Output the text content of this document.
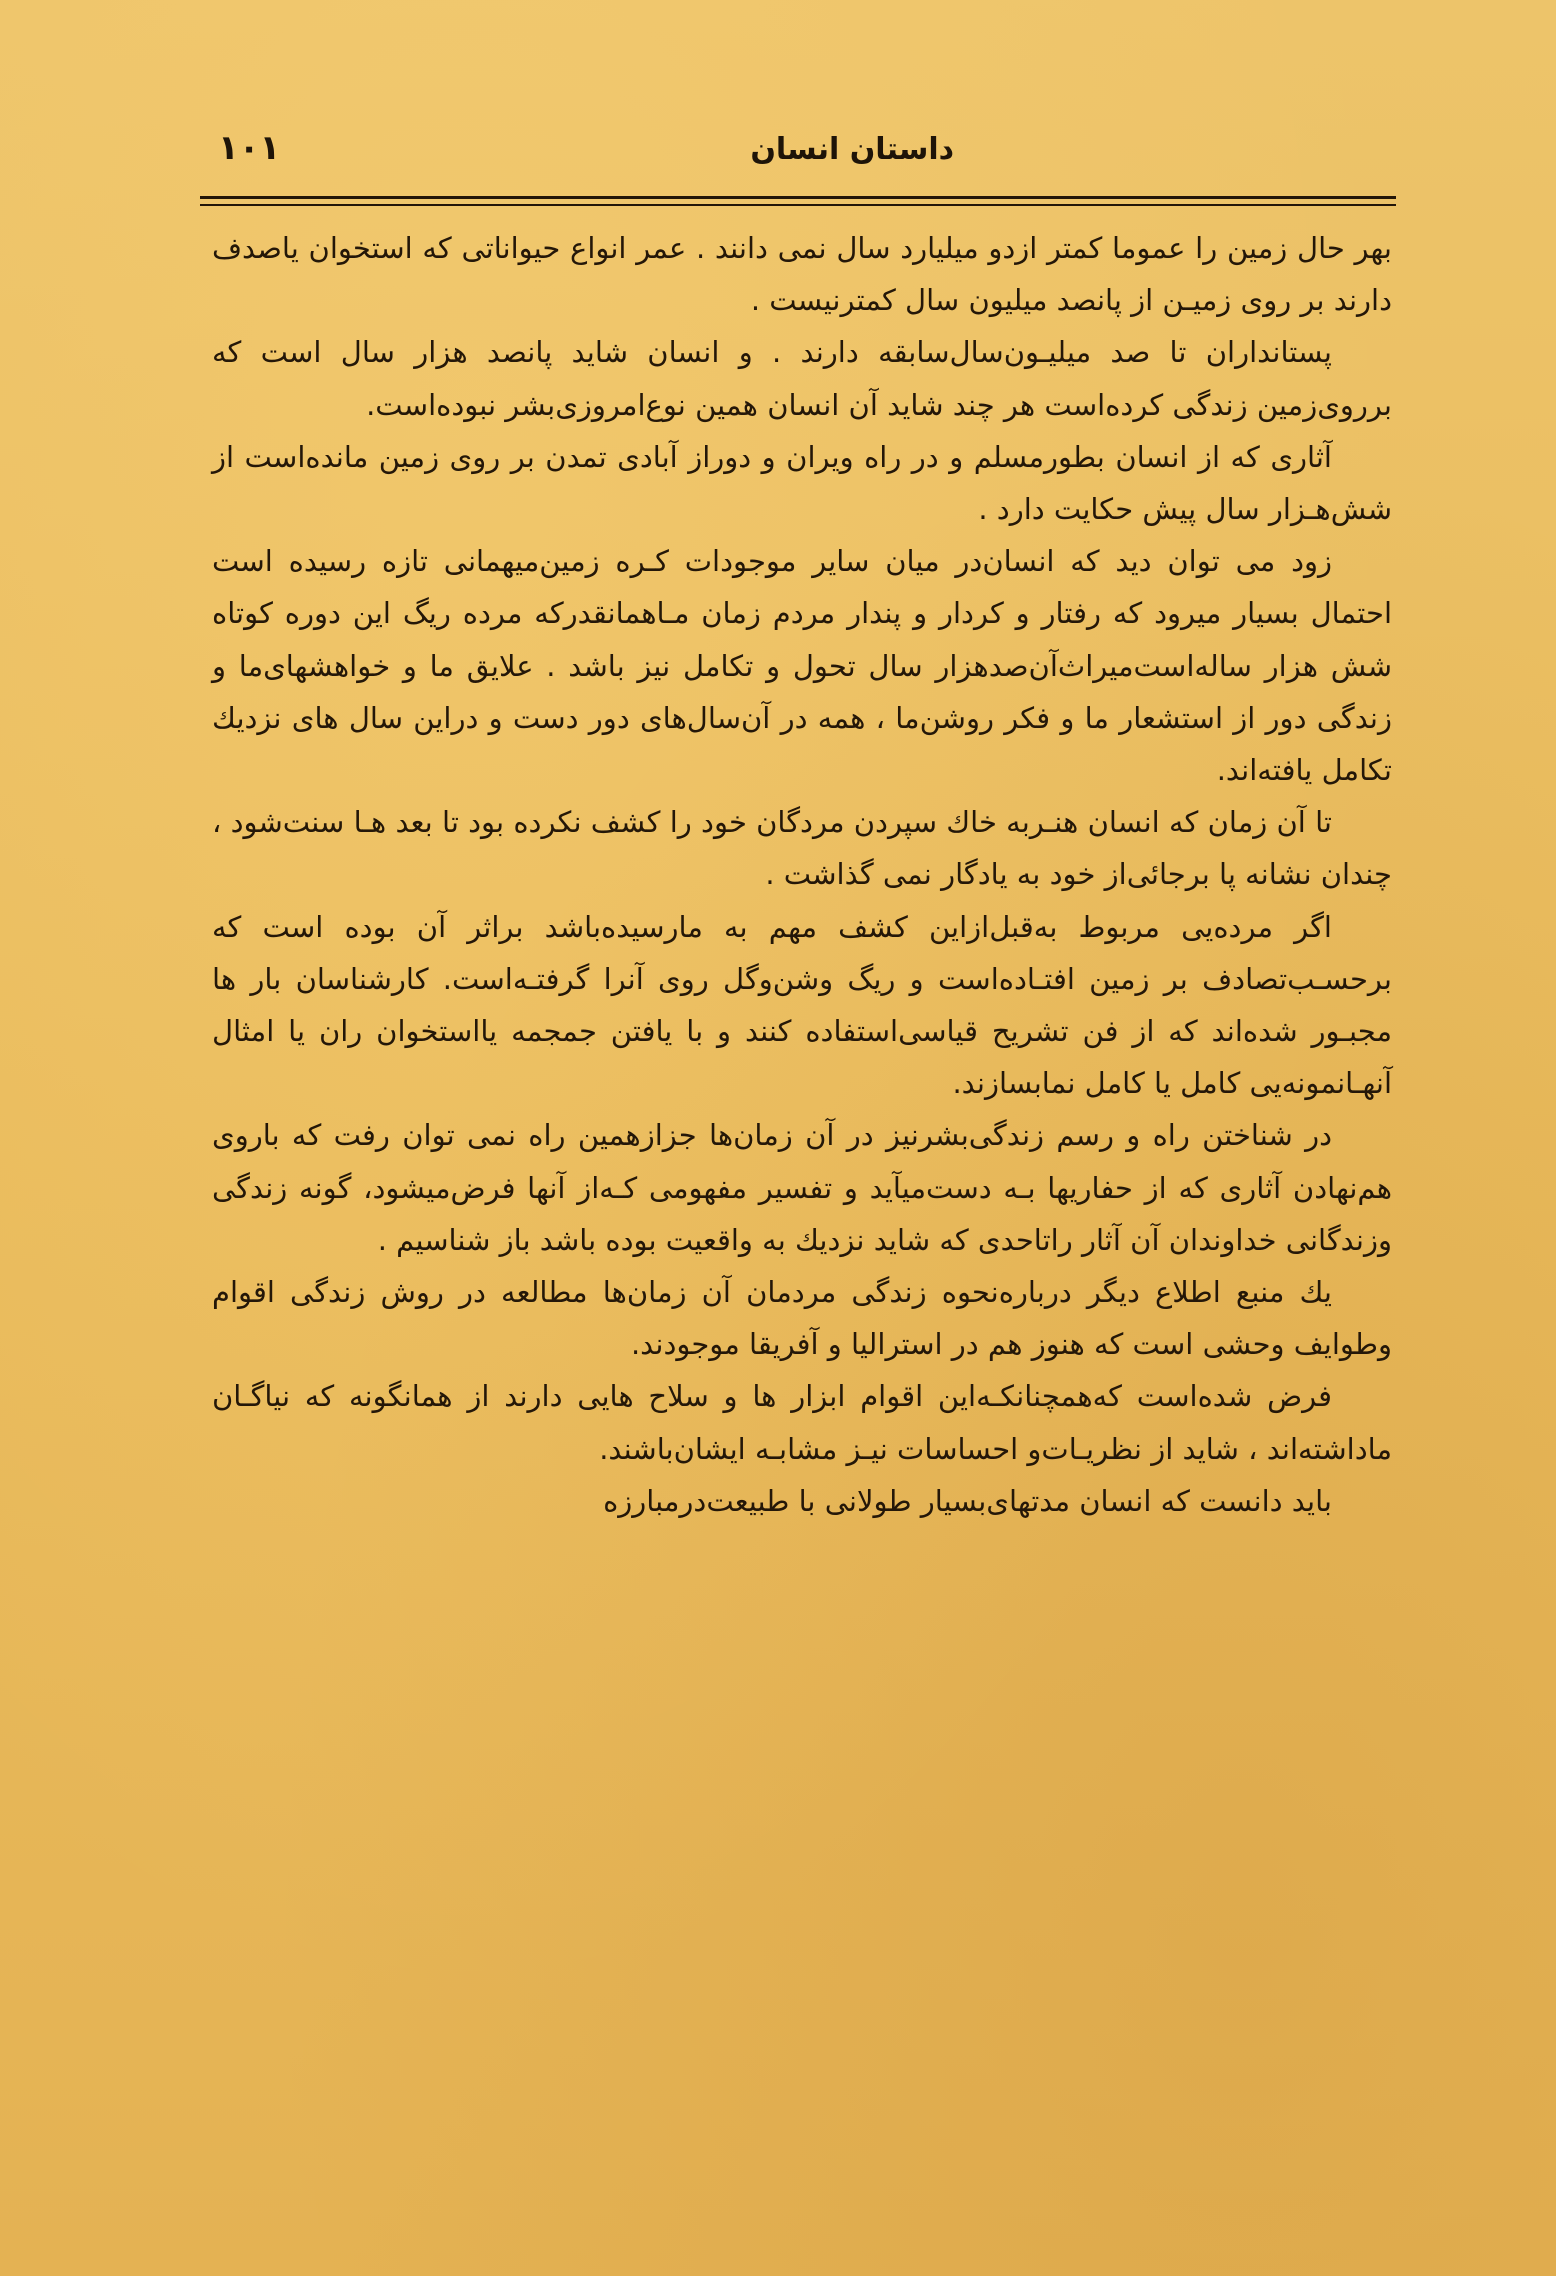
داستان انسان
۱۰۱

بهر حال زمین را عموما کمتر ازدو میلیارد سال نمی دانند . عمر انواع حیواناتی که استخوان یاصدف دارند بر روی زمیـن از پانصد میلیون سال کمترنیست .

پستانداران تا صد میلیـون‌سال‌سابقه دارند . و انسان شاید پانصد هزار سال است که برروی‌زمین زندگی کرده‌است هر چند شاید آن انسان همین نوع‌امروزی‌بشر نبوده‌است.

آثاری که از انسان بطورمسلم و در راه ویران و دوراز آبادی تمدن بر روی زمین مانده‌است از شش‌هـزار سال پیش حکایت دارد .

زود می توان دید که انسان‌در میان سایر موجودات کـره زمین‌میهمانی تازه رسیده است احتمال بسیار میرود که رفتار و کردار و پندار مردم زمان مـاهمانقدرکه مرده ریگ این دوره کوتاه شش هزار ساله‌است‌میراث‌آن‌صدهزار سال تحول و تکامل نیز باشد . علایق ما و خواهشهای‌ما و زندگی دور از استشعار ما و فکر روشن‌ما ، همه در آن‌سال‌های دور دست و دراین سال های نزدیك تکامل یافته‌اند.

تا آن زمان که انسان هنـربه خاك سپردن مردگان خود را کشف نکرده بود تا بعد هـا سنت‌شود ، چندان نشانه پا برجائی‌از خود به یادگار نمی گذاشت .

اگر مرده‌یی مربوط به‌قبل‌ازاین کشف مهم به مارسیده‌باشد براثر آن بوده است که برحسـب‌تصادف بر زمین افتـاده‌است و ریگ وشن‌وگل روی آنرا گرفتـه‌است. کارشناسان بار ها مجبـور شده‌اند که از فن تشریح قیاسی‌استفاده کنند و با یافتن جمجمه یااستخوان ران یا امثال آنهـانمونه‌یی کامل یا کامل نمابسازند.

در شناختن راه و رسم زندگی‌بشرنیز در آن زمان‌ها جزازهمین راه نمی توان رفت که باروی هم‌نهادن آثاری که از حفاریها بـه دست‌میآید و تفسیر مفهومی کـه‌از آنها فرض‌میشود، گونه زندگی وزندگانی خداوندان آن آثار راتاحدی که شاید نزدیك به واقعیت بوده باشد باز شناسیم .

یك منبع اطلاع دیگر درباره‌نحوه زندگی مردمان آن زمان‌ها مطالعه در روش زندگی اقوام وطوایف وحشی است که هنوز هم در استرالیا و آفریقا موجودند.

فرض شده‌است که‌همچنانکـه‌این اقوام ابزار ها و سلاح هایی دارند از همانگونه که نیاگـان ماداشته‌اند ، شاید از نظریـات‌و احساسات نیـز مشابـه ایشان‌باشند.

باید دانست که انسان مدتهای‌بسیار طولانی با طبیعت‌درمبارزه
